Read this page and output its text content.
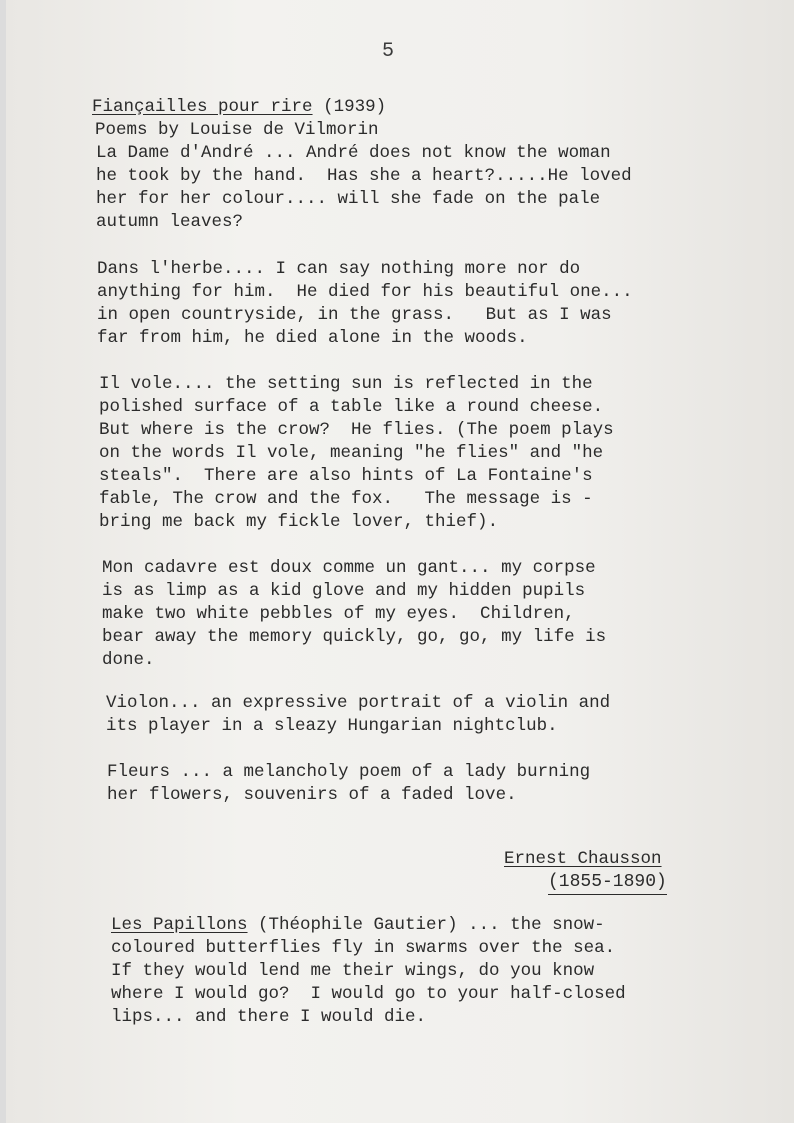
5
Fiançailles pour rire (1939)
Poems by Louise de Vilmorin
La Dame d'André ... André does not know the woman
he took by the hand.  Has she a heart?.....He loved
her for her colour.... will she fade on the pale
autumn leaves?
Dans l'herbe.... I can say nothing more nor do
anything for him.  He died for his beautiful one...
in open countryside, in the grass.   But as I was
far from him, he died alone in the woods.
Il vole.... the setting sun is reflected in the
polished surface of a table like a round cheese.
But where is the crow?  He flies. (The poem plays
on the words Il vole, meaning "he flies" and "he
steals".  There are also hints of La Fontaine's
fable, The crow and the fox.   The message is -
bring me back my fickle lover, thief).
Mon cadavre est doux comme un gant... my corpse
is as limp as a kid glove and my hidden pupils
make two white pebbles of my eyes.  Children,
bear away the memory quickly, go, go, my life is
done.
Violon... an expressive portrait of a violin and
its player in a sleazy Hungarian nightclub.
Fleurs ... a melancholy poem of a lady burning
her flowers, souvenirs of a faded love.
Ernest Chausson
(1855-1890)
Les Papillons (Théophile Gautier) ... the snow-
coloured butterflies fly in swarms over the sea.
If they would lend me their wings, do you know
where I would go?  I would go to your half-closed
lips... and there I would die.
